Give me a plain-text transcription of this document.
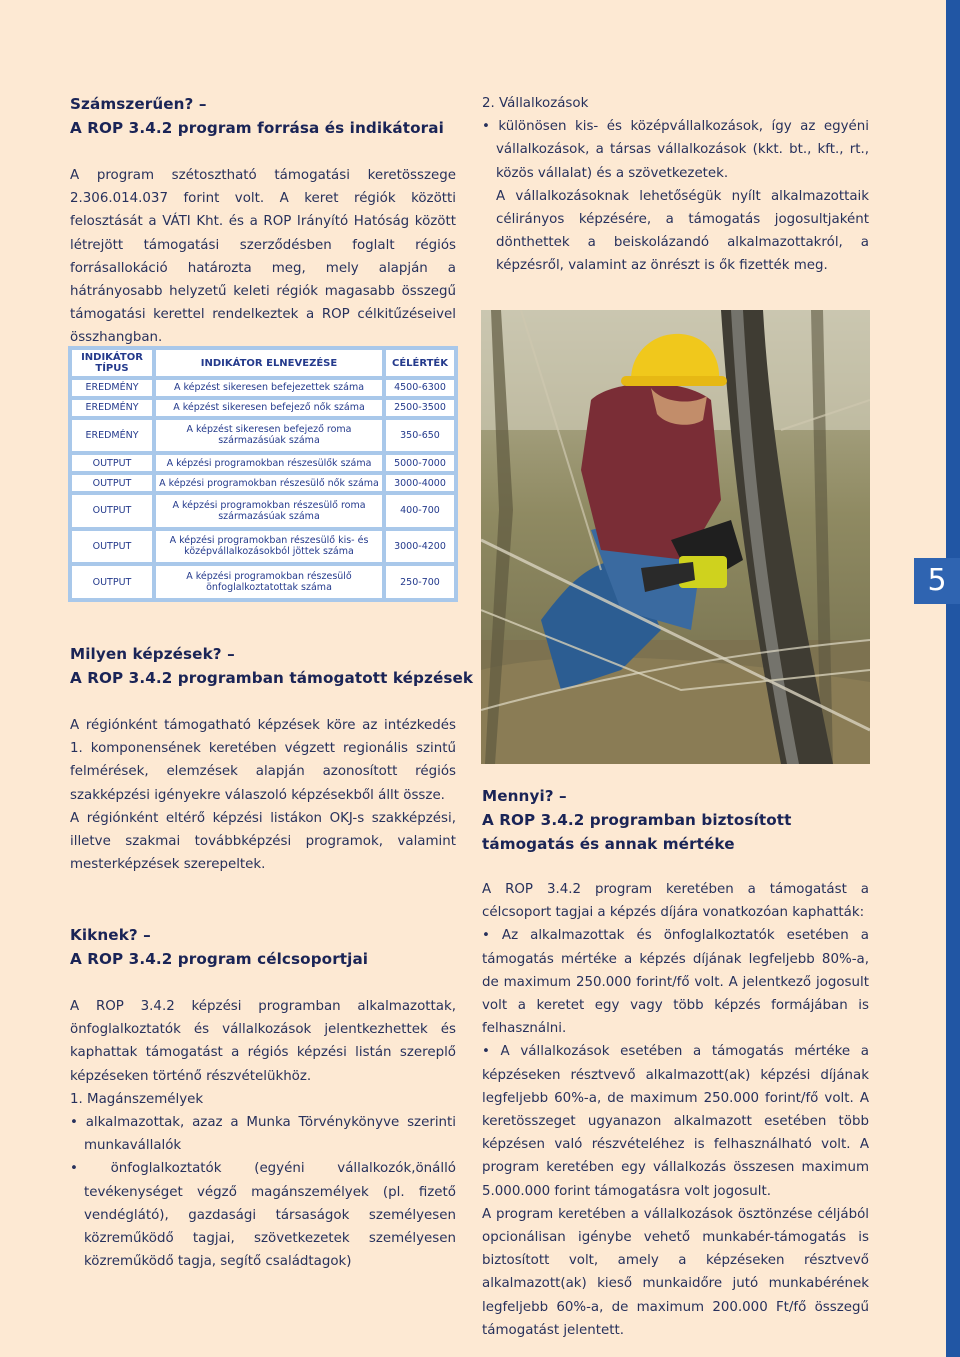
5
Számszerűen? –
A ROP 3.4.2 program forrása és indikátorai

A program szétosztható támogatási keretösszege 2.306.014.037 forint volt. A keret régiók közötti felosztását a VÁTI Kht. és a ROP Irányító Hatóság között létrejött támogatási szerződésben foglalt régiós forrásallokáció határozta meg, mely alapján a hátrányosabb helyzetű keleti régiók magasabb összegű támogatási kerettel rendelkeztek a ROP célkitűzéseivel összhangban.

INDIKÁTOR TÍPUS	INDIKÁTOR ELNEVEZÉSE	CÉLÉRTÉK
EREDMÉNY	A képzést sikeresen befejezettek száma	4500-6300
EREDMÉNY	A képzést sikeresen befejező nők száma	2500-3500
EREDMÉNY	A képzést sikeresen befejező roma származásúak száma	350-650
OUTPUT	A képzési programokban részesülők száma	5000-7000
OUTPUT	A képzési programokban részesülő nők száma	3000-4000
OUTPUT	A képzési programokban részesülő roma származásúak száma	400-700
OUTPUT	A képzési programokban részesülő kis- és középvállalkozásokból jöttek száma	3000-4200
OUTPUT	A képzési programokban részesülő önfoglalkoztatottak száma	250-700
Milyen képzések? –
A ROP 3.4.2 programban támogatott képzések

A régiónként támogatható képzések köre az intézkedés 1. komponensének keretében végzett regionális szintű felmérések, elemzések alapján azonosított régiós szakképzési igényekre válaszoló képzésekből állt össze.

A régiónként eltérő képzési listákon OKJ-s szakképzési, illetve szakmai továbbképzési programok, valamint mesterképzések szerepeltek.

Kiknek? –
A ROP 3.4.2 program célcsoportjai

A ROP 3.4.2 képzési programban alkalmazottak, önfoglalkoztatók és vállalkozások jelentkezhettek és kaphattak támogatást a régiós képzési listán szereplő képzéseken történő részvételükhöz.

1. Magánszemélyek

• alkalmazottak, azaz a Munka Törvénykönyve szerinti munkavállalók

• önfoglalkoztatók (egyéni vállalkozók,önálló tevékenységet végző magánszemélyek (pl. fizető vendéglátó), gazdasági társaságok személyesen közreműködő tagjai, szövetkezetek személyesen közreműködő tagja, segítő családtagok)

2. Vállalkozások

• különösen kis- és középvállalkozások, így az egyéni vállalkozások, a társas vállalkozások (kkt. bt., kft., rt., közös vállalat) és a szövetkezetek.

A vállalkozásoknak lehetőségük nyílt alkalmazottaik célirányos képzésére, a támogatás jogosultjaként dönthettek a beiskolázandó alkalmazottakról, a képzésről, valamint az önrészt is ők fizették meg.

Mennyi? –
A ROP 3.4.2 programban biztosított
támogatás és annak mértéke

A ROP 3.4.2 program keretében a támogatást a célcsoport tagjai a képzés díjára vonatkozóan kaphatták:

• Az alkalmazottak és önfoglalkoztatók esetében a támogatás mértéke a képzés díjának legfeljebb 80%-a, de maximum 250.000 forint/fő volt. A jelentkező jogosult volt a keretet egy vagy több képzés formájában is felhasználni.

• A vállalkozások esetében a támogatás mértéke a képzéseken résztvevő alkalmazott(ak) képzési díjának legfeljebb 60%-a, de maximum 250.000 forint/fő volt. A keretösszeget ugyanazon alkalmazott esetében több képzésen való részvételéhez is felhasználható volt. A program keretében egy vállalkozás összesen maximum 5.000.000 forint támogatásra volt jogosult.

A program keretében a vállalkozások ösztönzése céljából opcionálisan igénybe vehető munkabér-támogatás is biztosított volt, amely a képzéseken résztvevő alkalmazott(ak) kieső munkaidőre jutó munkabérének legfeljebb 60%-a, de maximum 200.000 Ft/fő összegű támogatást jelentett.
